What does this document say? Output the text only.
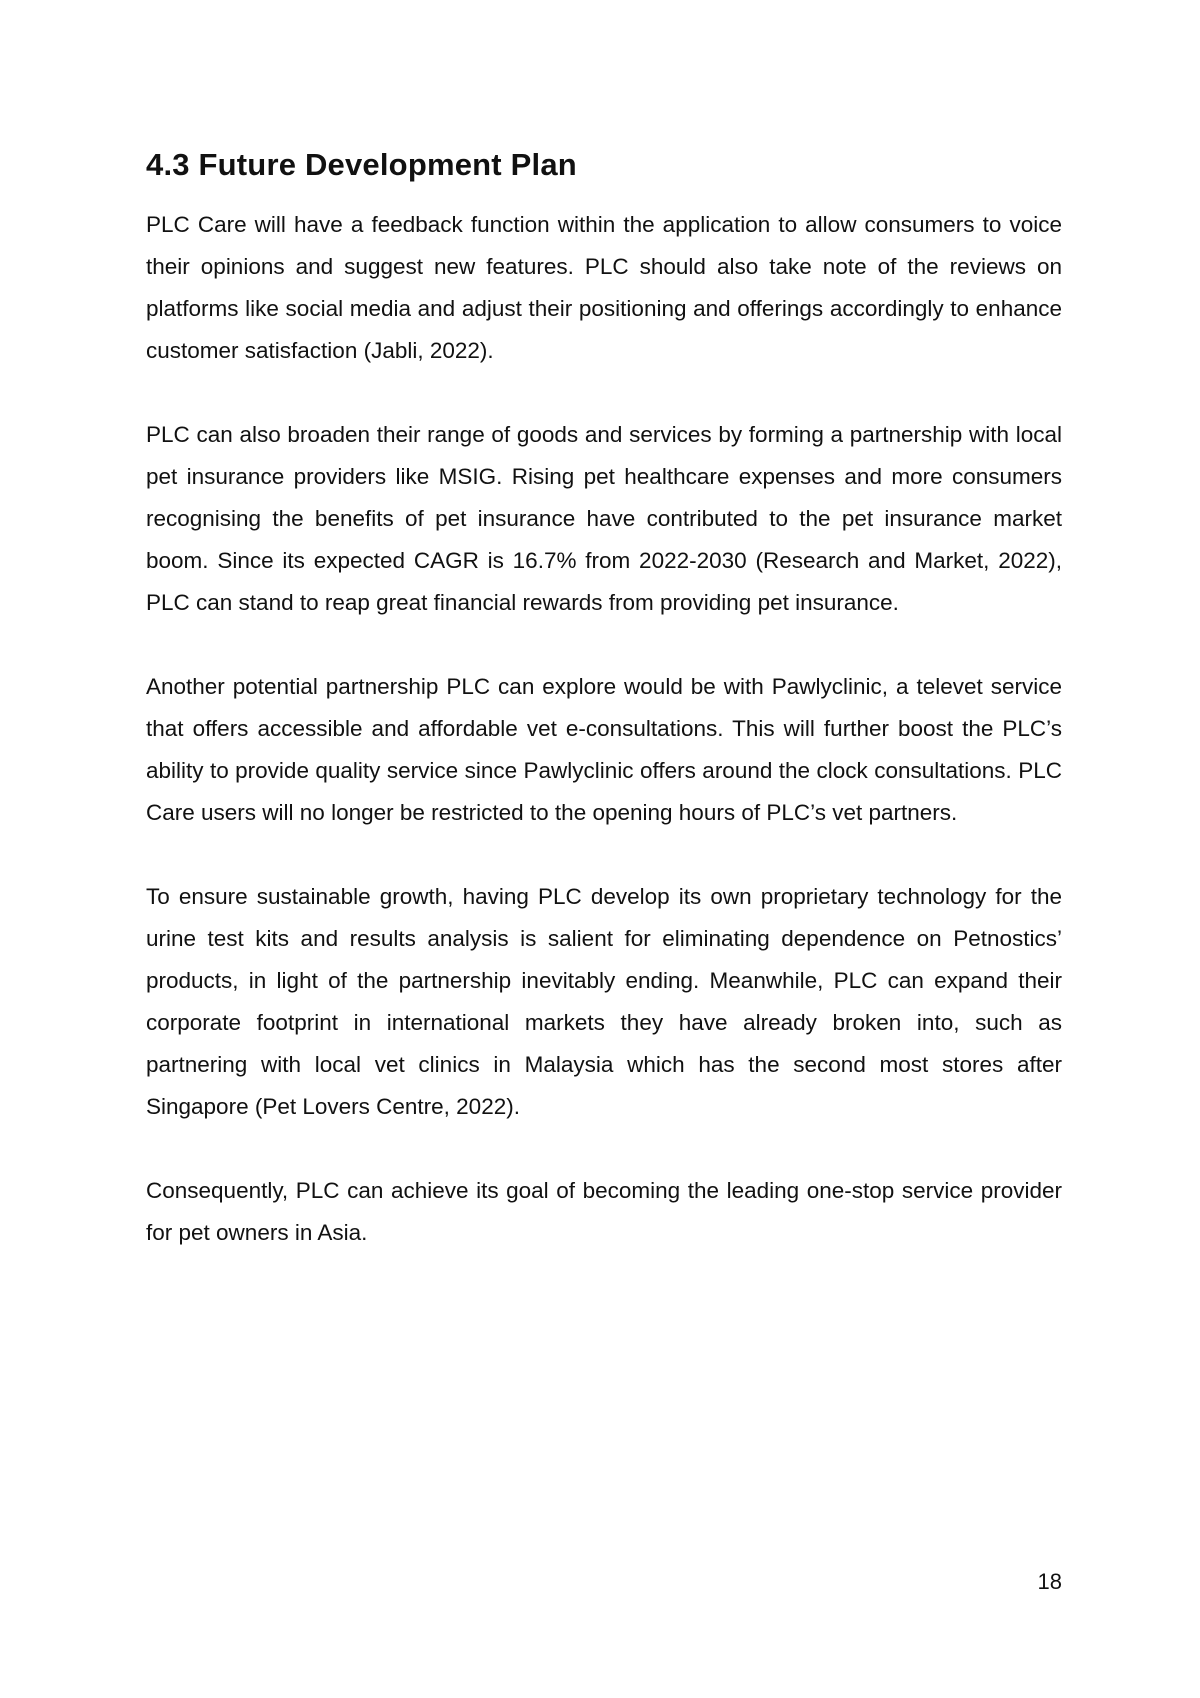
4.3 Future Development Plan

PLC Care will have a feedback function within the application to allow consumers to voice their opinions and suggest new features. PLC should also take note of the reviews on platforms like social media and adjust their positioning and offerings accordingly to enhance customer satisfaction (Jabli, 2022).

PLC can also broaden their range of goods and services by forming a partnership with local pet insurance providers like MSIG. Rising pet healthcare expenses and more consumers recognising the benefits of pet insurance have contributed to the pet insurance market boom. Since its expected CAGR is 16.7% from 2022-2030 (Research and Market, 2022), PLC can stand to reap great financial rewards from providing pet insurance.

Another potential partnership PLC can explore would be with Pawlyclinic, a televet service that offers accessible and affordable vet e-consultations. This will further boost the PLC’s ability to provide quality service since Pawlyclinic offers around the clock consultations. PLC Care users will no longer be restricted to the opening hours of PLC’s vet partners.

To ensure sustainable growth, having PLC develop its own proprietary technology for the urine test kits and results analysis is salient for eliminating dependence on Petnostics’ products, in light of the partnership inevitably ending. Meanwhile, PLC can expand their corporate footprint in international markets they have already broken into, such as partnering with local vet clinics in Malaysia which has the second most stores after Singapore (Pet Lovers Centre, 2022).

Consequently, PLC can achieve its goal of becoming the leading one-stop service provider for pet owners in Asia.

18
